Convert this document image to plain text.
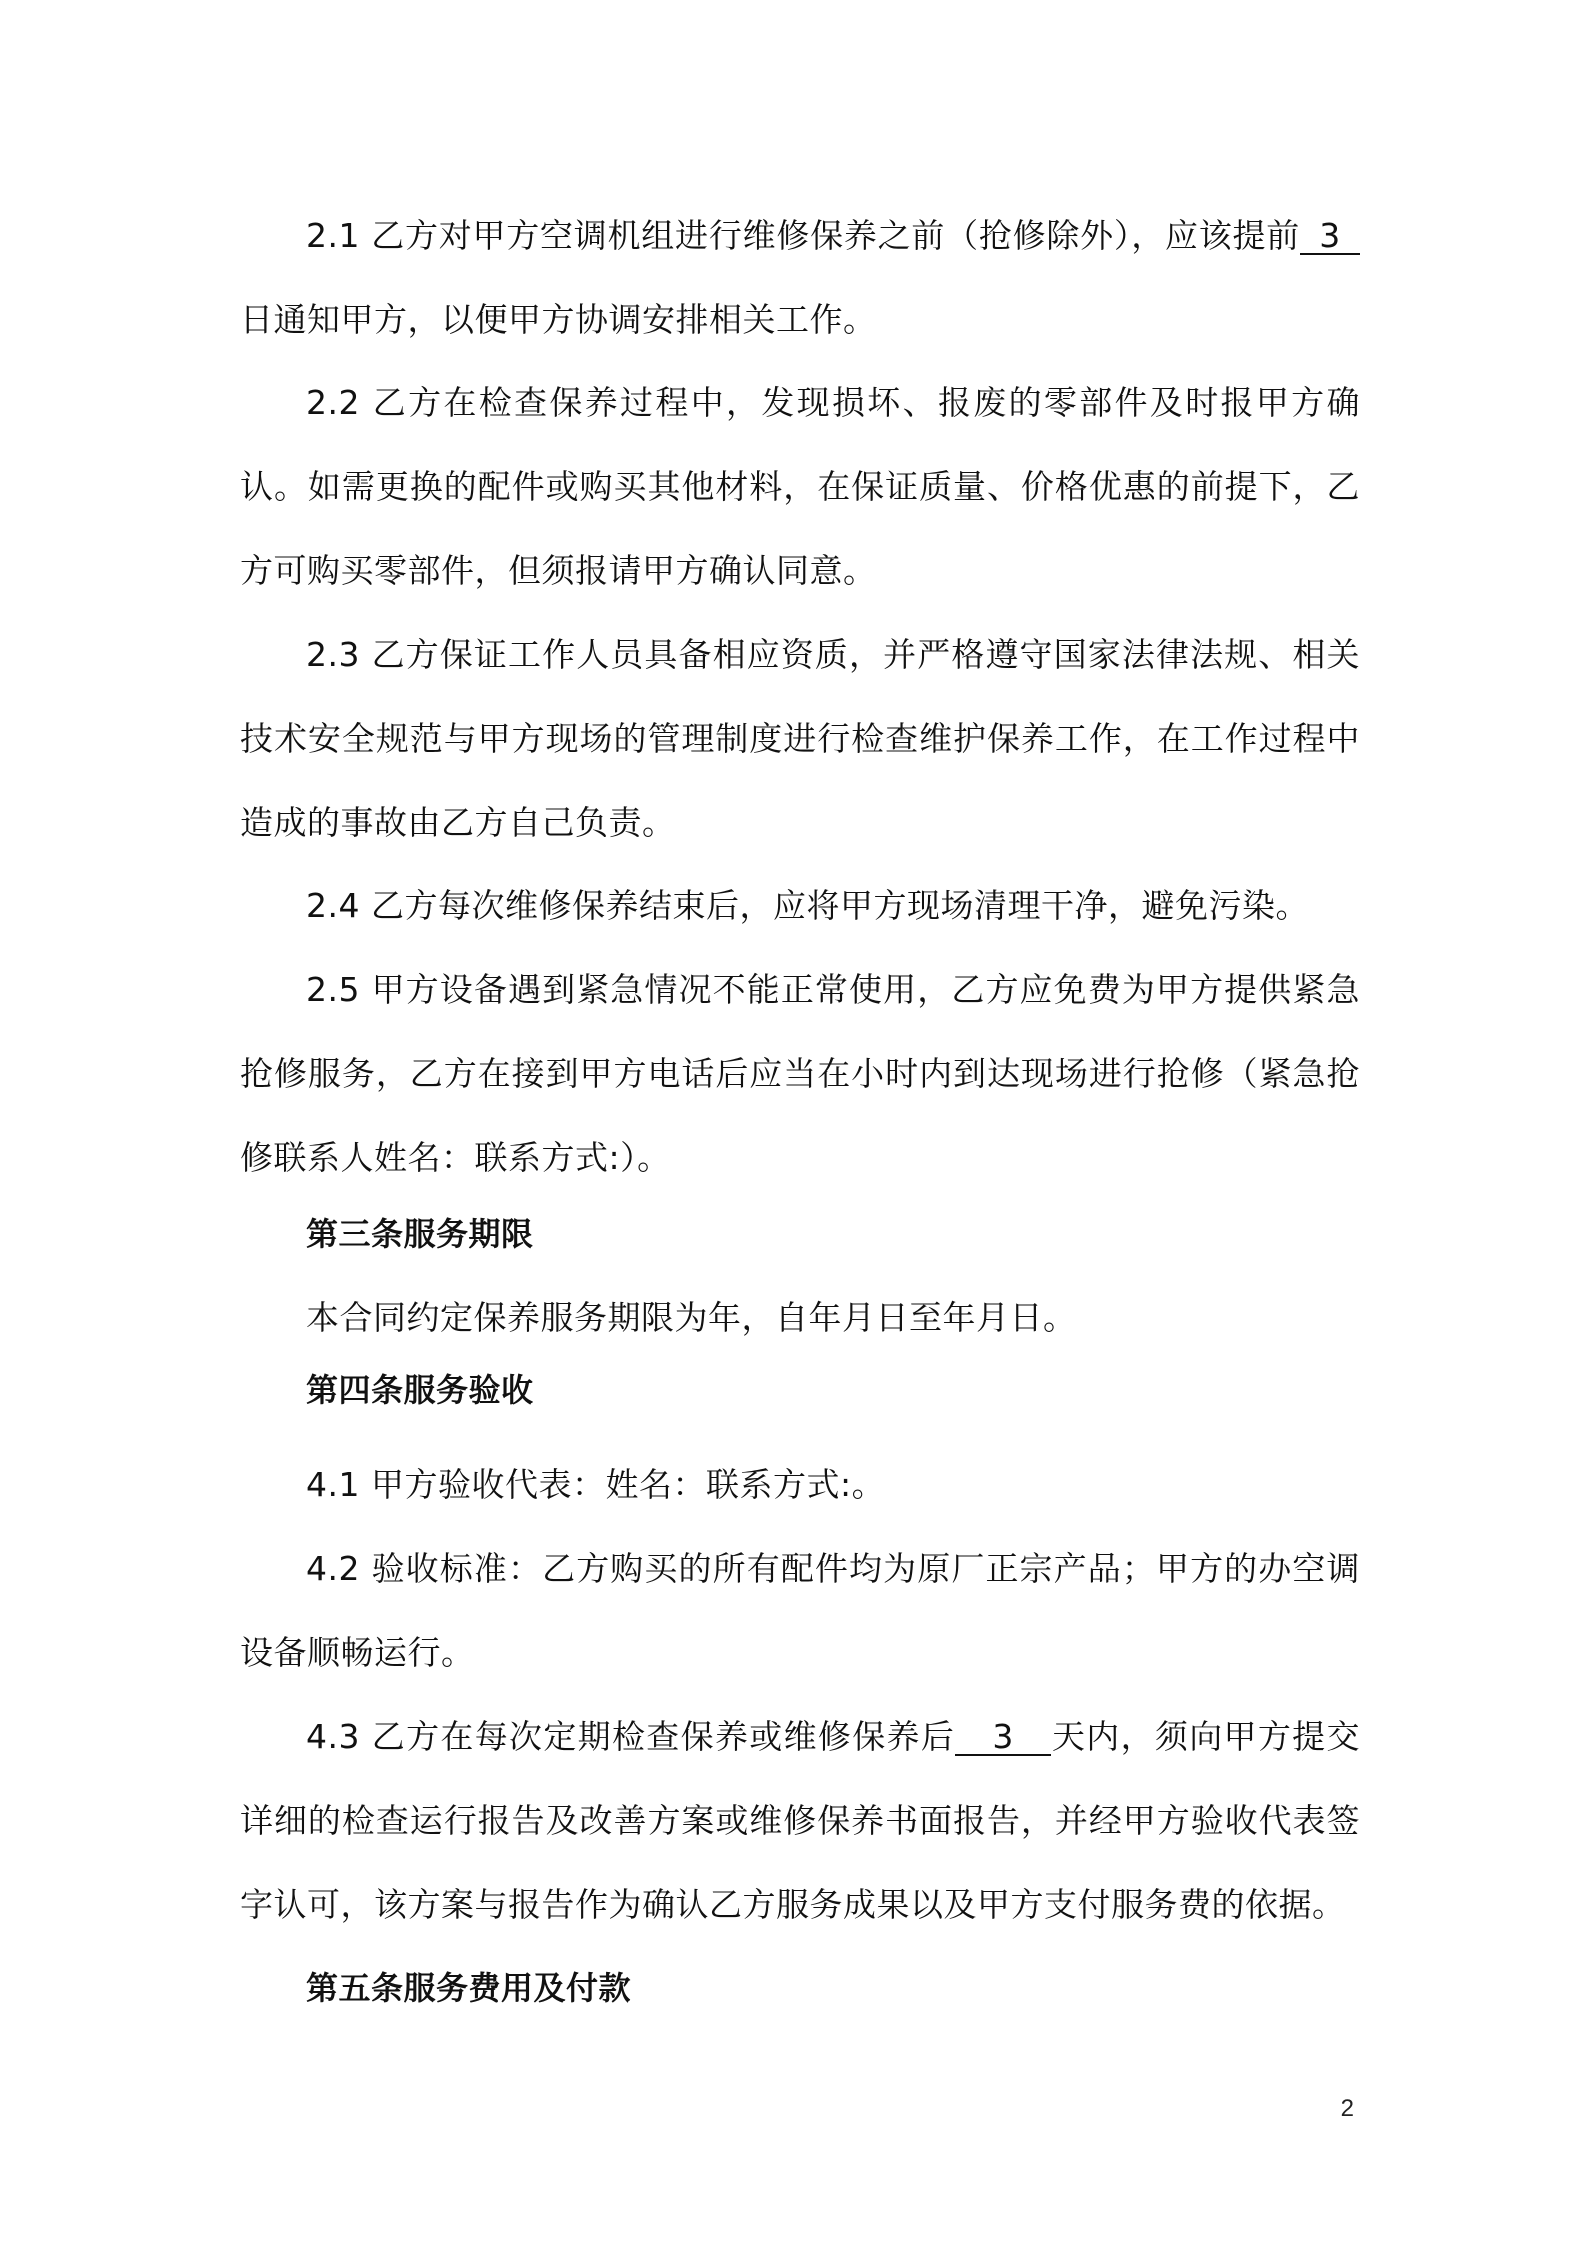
2.1 乙方对甲方空调机组进行维修保养之前（抢修除外），应该提前 3日通知甲方，以便甲方协调安排相关工作。

2.2 乙方在检查保养过程中，发现损坏、报废的零部件及时报甲方确认。如需更换的配件或购买其他材料，在保证质量、价格优惠的前提下，乙方可购买零部件，但须报请甲方确认同意。

2.3 乙方保证工作人员具备相应资质，并严格遵守国家法律法规、相关技术安全规范与甲方现场的管理制度进行检查维护保养工作，在工作过程中造成的事故由乙方自己负责。

2.4 乙方每次维修保养结束后，应将甲方现场清理干净，避免污染。

2.5 甲方设备遇到紧急情况不能正常使用，乙方应免费为甲方提供紧急抢修服务，乙方在接到甲方电话后应当在小时内到达现场进行抢修（紧急抢修联系人姓名：联系方式:）。

第三条服务期限

本合同约定保养服务期限为年，自年月日至年月日。

第四条服务验收

4.1 甲方验收代表：姓名：联系方式:。

4.2 验收标准：乙方购买的所有配件均为原厂正宗产品；甲方的办空调设备顺畅运行。

4.3 乙方在每次定期检查保养或维修保养后 3 天内，须向甲方提交详细的检查运行报告及改善方案或维修保养书面报告，并经甲方验收代表签字认可，该方案与报告作为确认乙方服务成果以及甲方支付服务费的依据。

第五条服务费用及付款

2
